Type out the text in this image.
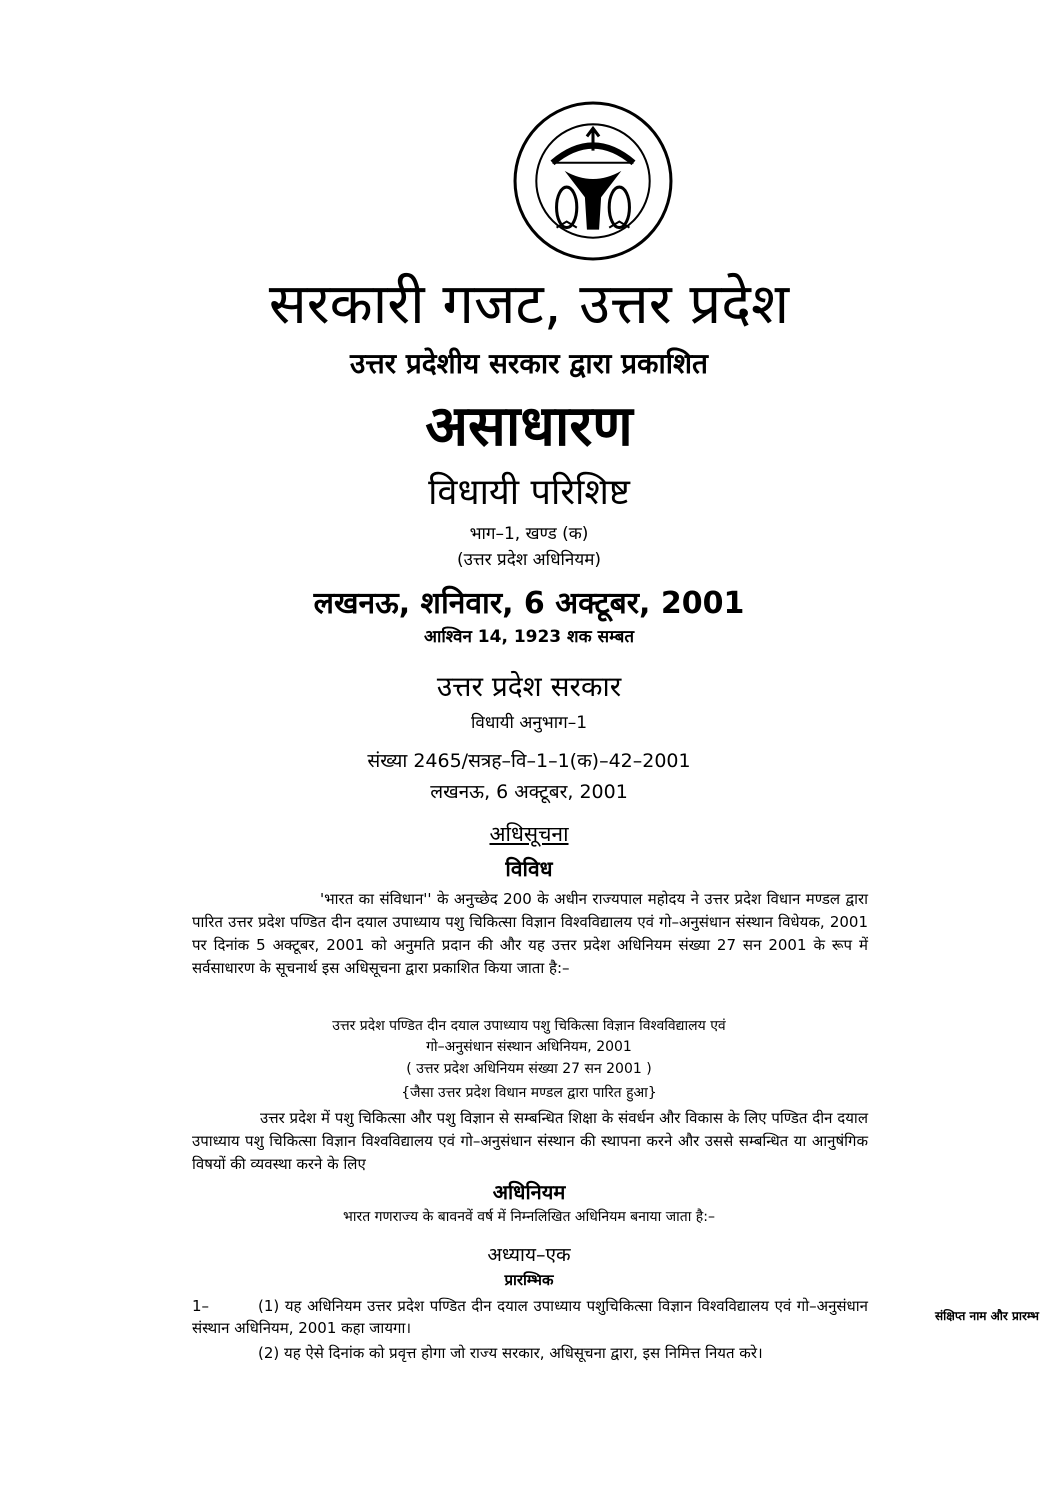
सरकारी गजट, उत्तर प्रदेश
उत्तर प्रदेशीय सरकार द्वारा प्रकाशित
असाधारण
विधायी परिशिष्ट
भाग–1, खण्ड (क)
(उत्तर प्रदेश अधिनियम)
लखनऊ, शनिवार, 6 अक्टूबर, 2001
आश्विन 14, 1923 शक सम्बत
उत्तर प्रदेश सरकार
विधायी अनुभाग–1
संख्या 2465/सत्रह–वि–1–1(क)–42–2001
लखनऊ, 6 अक्टूबर, 2001
अधिसूचना
विविध
'भारत का संविधान'' के अनुच्छेद 200 के अधीन राज्यपाल महोदय ने उत्तर प्रदेश विधान मण्डल द्वारा पारित उत्तर प्रदेश पण्डित दीन दयाल उपाध्याय पशु चिकित्सा विज्ञान विश्वविद्यालय एवं गो–अनुसंधान संस्थान विधेयक, 2001 पर दिनांक 5 अक्टूबर, 2001 को अनुमति प्रदान की और यह उत्तर प्रदेश अधिनियम संख्या 27 सन 2001 के रूप में सर्वसाधारण के सूचनार्थ इस अधिसूचना द्वारा प्रकाशित किया जाता है:–
उत्तर प्रदेश पण्डित दीन दयाल उपाध्याय पशु चिकित्सा विज्ञान विश्वविद्यालय एवं
गो–अनुसंधान संस्थान अधिनियम, 2001
( उत्तर प्रदेश अधिनियम संख्या 27 सन 2001 )
{जैसा उत्तर प्रदेश विधान मण्डल द्वारा पारित हुआ}
उत्तर प्रदेश में पशु चिकित्सा और पशु विज्ञान से सम्बन्धित शिक्षा के संवर्धन और विकास के लिए पण्डित दीन दयाल उपाध्याय पशु चिकित्सा विज्ञान विश्वविद्यालय एवं गो–अनुसंधान संस्थान की स्थापना करने और उससे सम्बन्धित या आनुषंगिक विषयों की व्यवस्था करने के लिए
अधिनियम
भारत गणराज्य के बावनवें वर्ष में निम्नलिखित अधिनियम बनाया जाता है:–
अध्याय–एक
प्रारम्भिक
1–	(1) यह अधिनियम उत्तर प्रदेश पण्डित दीन दयाल उपाध्याय पशुचिकित्सा विज्ञान विश्वविद्यालय एवं गो–अनुसंधान संस्थान अधिनियम, 2001 कहा जायगा।
(2) यह ऐसे दिनांक को प्रवृत्त होगा जो राज्य सरकार, अधिसूचना द्वारा, इस निमित्त नियत करे।
संक्षिप्त नाम और प्रारम्भ
